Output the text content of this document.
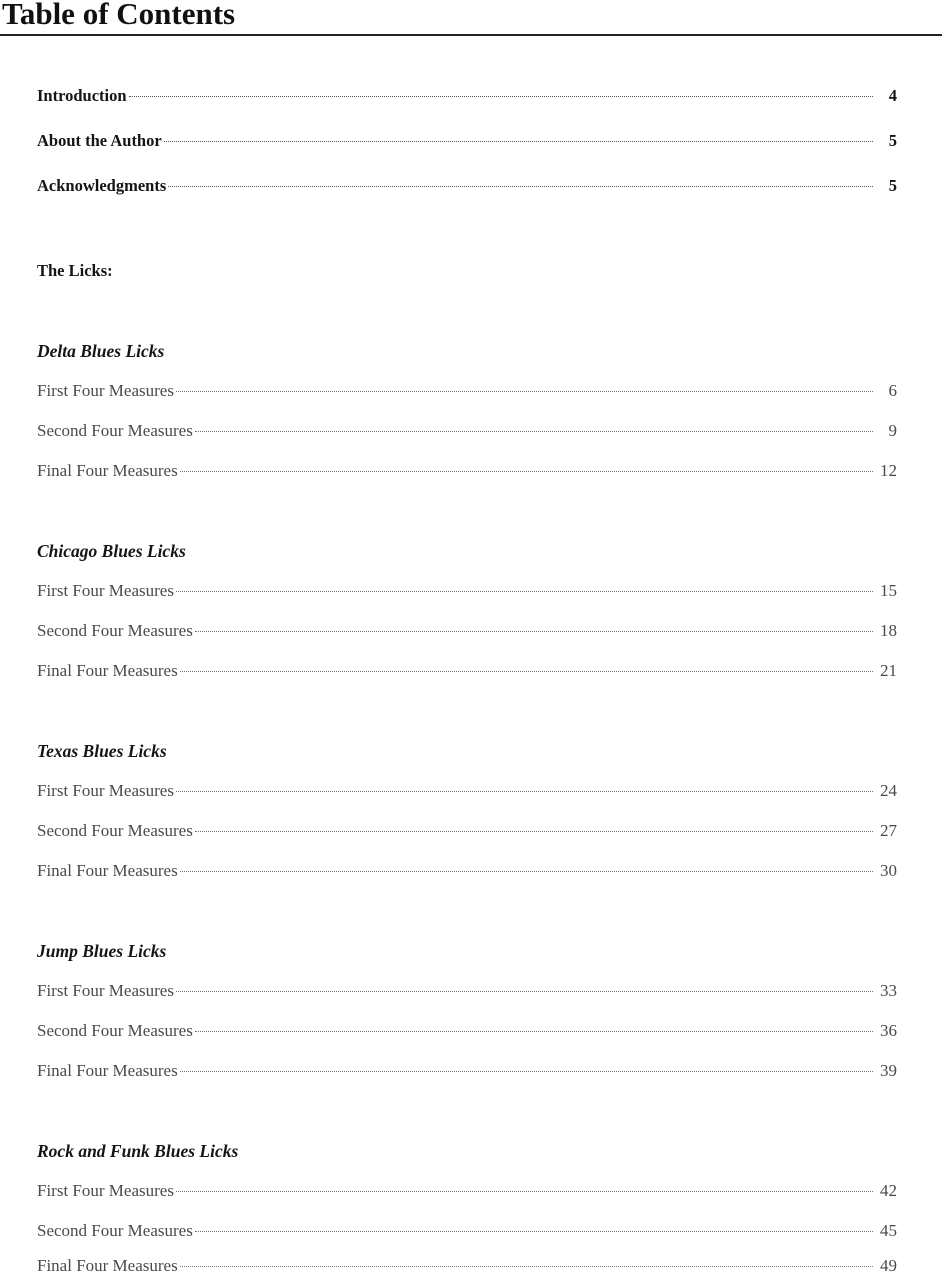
Table of Contents
Introduction	4
About the Author	5
Acknowledgments	5
The Licks:
Delta Blues Licks
First Four Measures	6
Second Four Measures	9
Final Four Measures	12
Chicago Blues Licks
First Four Measures	15
Second Four Measures	18
Final Four Measures	21
Texas Blues Licks
First Four Measures	24
Second Four Measures	27
Final Four Measures	30
Jump Blues Licks
First Four Measures	33
Second Four Measures	36
Final Four Measures	39
Rock and Funk Blues Licks
First Four Measures	42
Second Four Measures	45
Final Four Measures	49
